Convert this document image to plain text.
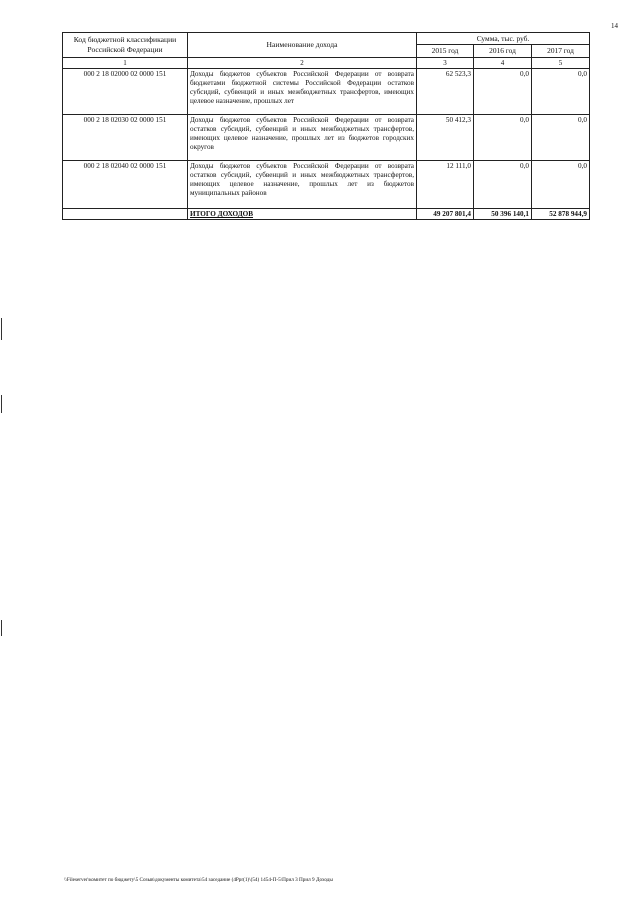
14
Код бюджетной классификации Российской Федерации	Наименование дохода	Сумма, тыс. руб.		
		2015 год	2016 год	2017 год
1	2	3	4	5
000 2 18 02000 02 0000 151	Доходы бюджетов субъектов Российской Федерации от возврата бюджетами бюджетной системы Российской Федерации остатков субсидий, субвенций и иных межбюджетных трансфертов, имеющих целевое назначение, прошлых лет	62 523,3	0,0	0,0
000 2 18 02030 02 0000 151	Доходы бюджетов субъектов Российской Федерации от возврата остатков субсидий, субвенций и иных межбюджетных трансфертов, имеющих целевое назначение, прошлых лет из бюджетов городских округов	50 412,3	0,0	0,0
000 2 18 02040 02 0000 151	Доходы бюджетов субъектов Российской Федерации от возврата остатков субсидий, субвенций и иных межбюджетных трансфертов, имеющих целевое назначение, прошлых лет из бюджетов муниципальных районов	12 111,0	0,0	0,0
	ИТОГО ДОХОДОВ	49 207 801,4	50 396 140,1	52 878 944,9
\\Fileserver\комитет по бюджету\5 Созыв\документы комитета\54 заседание (4Ppr(1)\(54) 1454-П-5\Прил 3 Прил 9 Доходы
